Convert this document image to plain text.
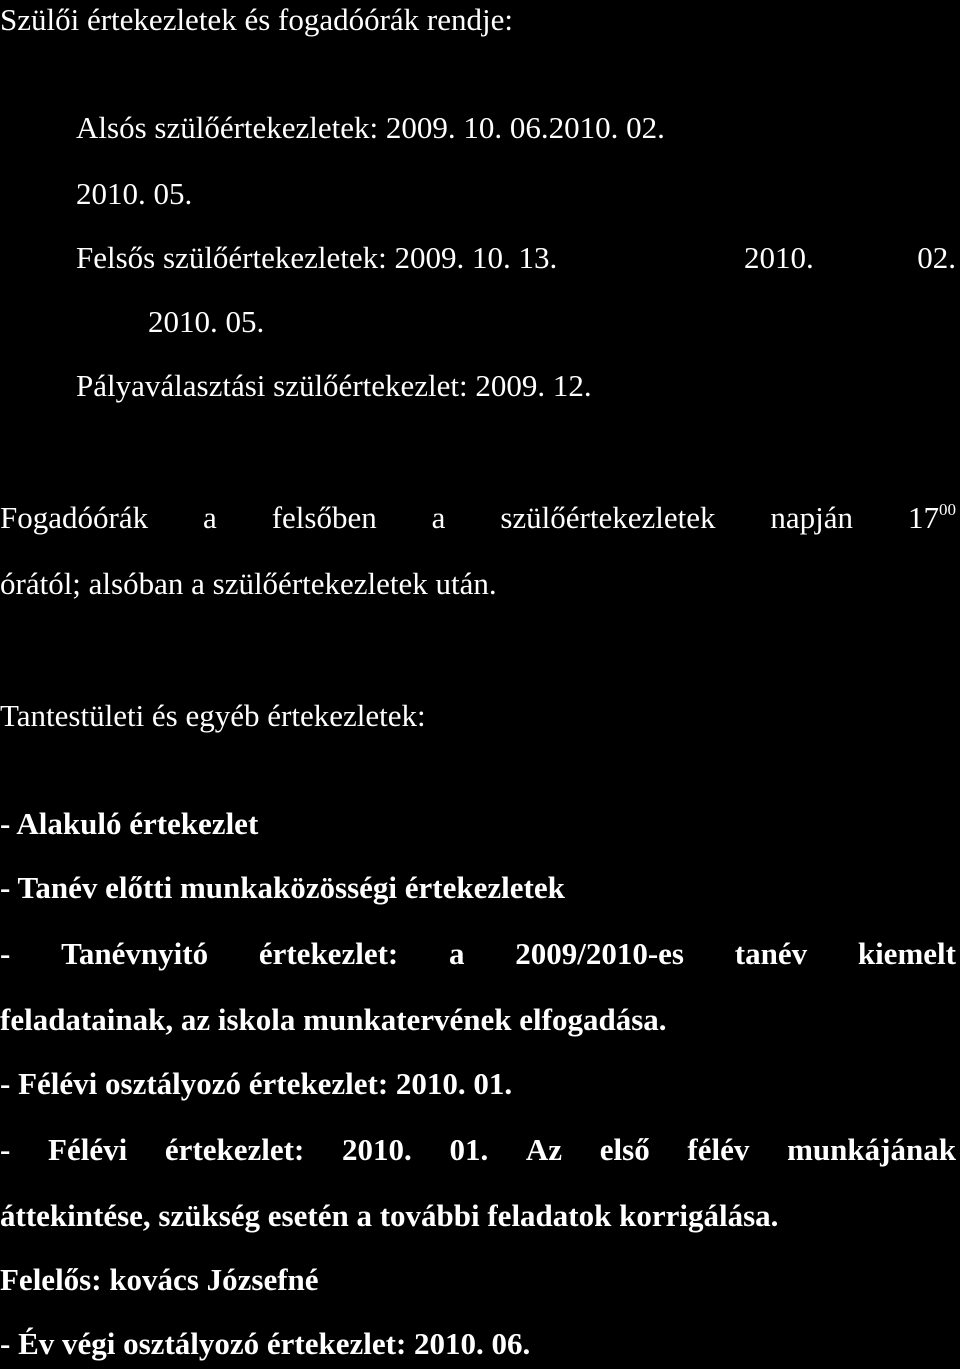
Szülői értekezletek és fogadóórák rendje:
Alsós szülőértekezletek: 2009. 10. 06.2010. 02.
2010. 05.
Felsős szülőértekezletek: 2009. 10. 13.	2010.	02.
2010. 05.
Pályaválasztási szülőértekezlet: 2009. 12.
Fogadóórák a felsőben a szülőértekezletek napján $17^{00}$
órától; alsóban a szülőértekezletek után.
Tantestületi és egyéb értekezletek:
- Alakuló értekezlet
- Tanév előtti munkaközösségi értekezletek
- Tanévnyitó értekezlet: a 2009/2010-es tanév kiemelt
feladatainak, az iskola munkatervének elfogadása.
- Félévi osztályozó értekezlet: 2010. 01.
- Félévi értekezlet: 2010. 01. Az első félév munkájának
áttekintése, szükség esetén a további feladatok korrigálása.
Felelős: kovács Józsefné
- Év végi osztályozó értekezlet: 2010. 06.
